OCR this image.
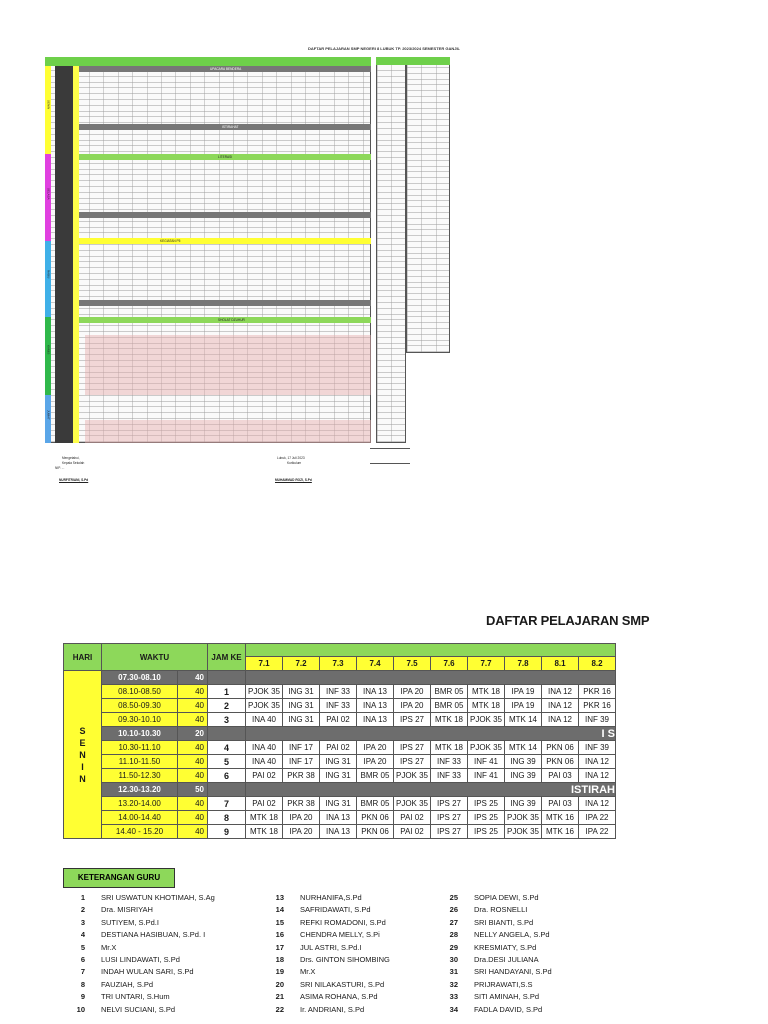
DAFTAR PELAJARAN SMP NEGERI 8 LUBUK TP. 2023/2024 SEMESTER GANJIL
SENIN
SELASA
RABU
KAMIS
JUMAT
UPACARA BENDERA
ISTIRAHAT
LITERASI
KEGIATAN P5
SHOLAT DZUHUR
Mengetahui,
Kepala Sekolah
NIP. ...
Lubuk, 17 Juli 2023
Kurikulum
NURFITRIANI, S.Pd	MUHAMMAD ROZI, S.Pd
DAFTAR PELAJARAN SMP
HARI	WAKTU		JAM KE										
				7.1	7.2	7.3	7.4	7.5	7.6	7.7	7.8	8.1	8.2

S
E
N
I
N	07.30-08.10	40											
	08.10-08.50	40	1	PJOK 35	ING 31	INF 33	INA 13	IPA 20	BMR 05	MTK 18	IPA 19	INA 12	PKR 16
	08.50-09.30	40	2	PJOK 35	ING 31	INF 33	INA 13	IPA 20	BMR 05	MTK 18	IPA 19	INA 12	PKR 16
	09.30-10.10	40	3	INA 40	ING 31	PAI 02	INA 13	IPS 27	MTK 18	PJOK 35	MTK 14	INA 12	INF 39
	10.10-10.30	20		I S									
	10.30-11.10	40	4	INA 40	INF 17	PAI 02	IPA 20	IPS 27	MTK 18	PJOK 35	MTK 14	PKN 06	INF 39
	11.10-11.50	40	5	INA 40	INF 17	ING 31	IPA 20	IPS 27	INF 33	INF 41	ING 39	PKN 06	INA 12
	11.50-12.30	40	6	PAI 02	PKR 38	ING 31	BMR 05	PJOK 35	INF 33	INF 41	ING 39	PAI 03	INA 12
	12.30-13.20	50		ISTIRAH									
	13.20-14.00	40	7	PAI 02	PKR 38	ING 31	BMR 05	PJOK 35	IPS 27	IPS 25	ING 39	PAI 03	INA 12
	14.00-14.40	40	8	MTK 18	IPA 20	INA 13	PKN 06	PAI 02	IPS 27	IPS 25	PJOK 35	MTK 16	IPA 22
	14.40 - 15.20	40	9	MTK 18	IPA 20	INA 13	PKN 06	PAI 02	IPS 27	IPS 25	PJOK 35	MTK 16	IPA 22
KETERANGAN GURU
1 SRI USWATUN KHOTIMAH, S.Ag
2 Dra. MISRIYAH
3 SUTIYEM, S.Pd.I
4 DESTIANA HASIBUAN, S.Pd. I
5 Mr.X
6 LUSI LINDAWATI, S.Pd
7 INDAH WULAN SARI, S.Pd
8 FAUZIAH, S.Pd
9 TRI UNTARI, S.Hum
10 NELVI SUCIANI, S.Pd
13 NURHANIFA,S.Pd
14 SAFRIDAWATI, S.Pd
15 REFKI ROMADONI, S.Pd
16 CHENDRA MELLY, S.Pi
17 JUL ASTRI, S.Pd.I
18 Drs. GINTON SIHOMBING
19 Mr.X
20 SRI NILAKASTURI, S.Pd
21 ASIMA ROHANA, S.Pd
22 Ir. ANDRIANI, S.Pd
25 SOPIA DEWI, S.Pd
26 Dra. ROSNELLI
27 SRI BIANTI, S.Pd
28 NELLY ANGELA, S.Pd
29 KRESMIATY, S.Pd
30 Dra.DESI JULIANA
31 SRI HANDAYANI, S.Pd
32 PRIJRAWATI,S.S
33 SITI AMINAH, S.Pd
34 FADLA DAVID, S.Pd
